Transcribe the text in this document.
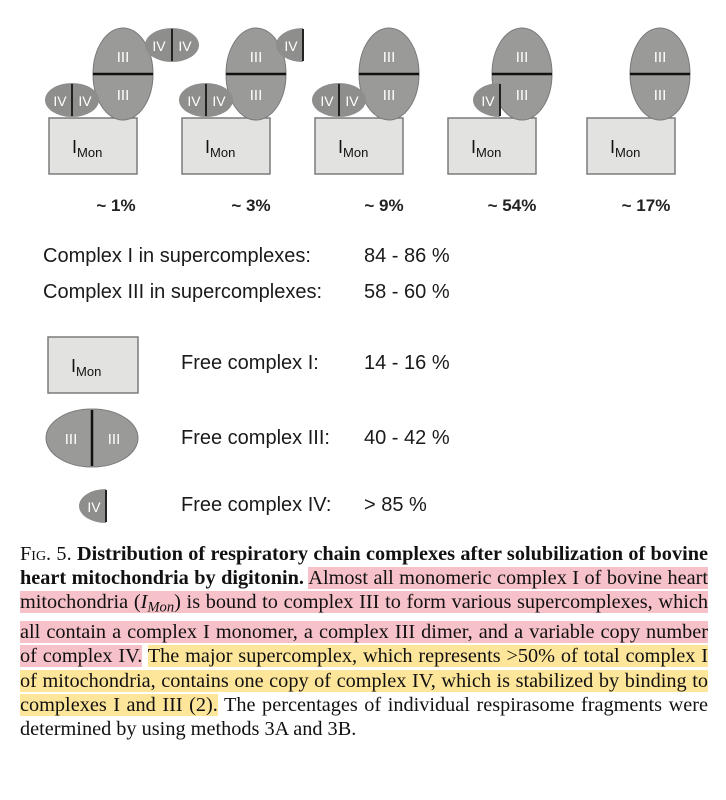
$I_{Mon}$
III
III
IV IV
IV IV
$I_{Mon}$
III
III
IV IV
IV
$I_{Mon}$
III
III
IV IV
$I_{Mon}$
III
III
IV
$I_{Mon}$
III
III
~ 1%	~ 3%	~ 9%	~ 54%	~ 17%
$I_{Mon}$
III III
IV
Complex I in supercomplexes:	84 - 86 %
Complex III in supercomplexes: 58 - 60 %
Free complex I: 14 - 16 %
Free complex III: 40 - 42 %
Free complex IV: > 85 %
Fig. 5. Distribution of respiratory chain complexes after solubilization of bovine heart mitochondria by digitonin. Almost all monomeric complex I of bovine heart mitochondria $(I_{Mon})$ is bound to complex III to form various supercomplexes, which all contain a complex I monomer, a complex III dimer, and a variable copy number of complex IV. The major supercomplex, which represents >50% of total complex I of mitochondria, contains one copy of complex IV, which is stabilized by binding to complexes I and III (2). The percentages of individual respirasome fragments were determined by using methods 3A and 3B.
